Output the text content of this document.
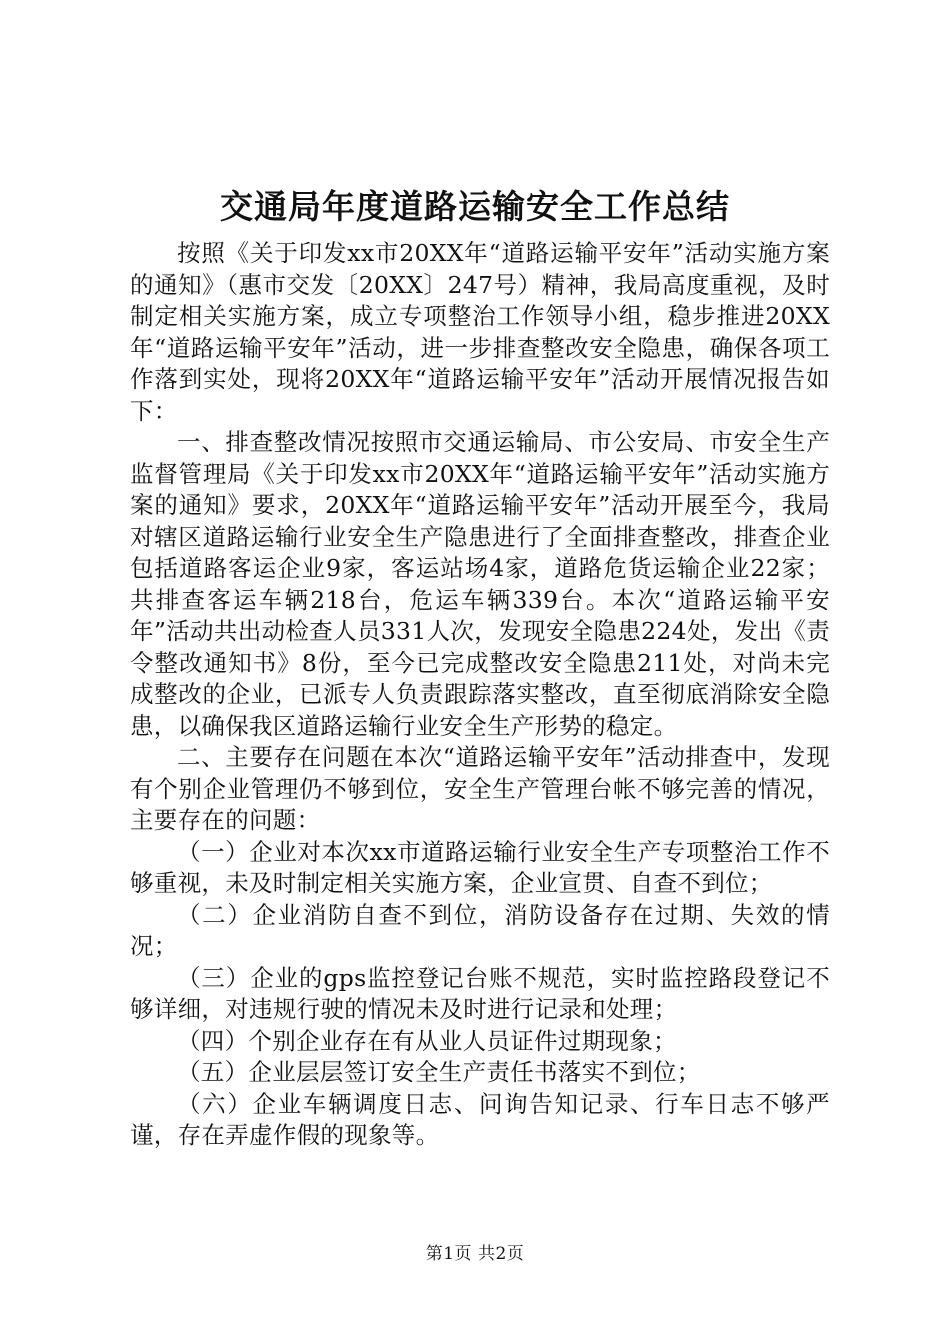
交通局年度道路运输安全工作总结

按照《关于印发xx市20XX年“道路运输平安年”活动实施方案的通知》（惠市交发〔20XX〕247号）精神，我局高度重视，及时制定相关实施方案，成立专项整治工作领导小组，稳步推进20XX年“道路运输平安年”活动，进一步排查整改安全隐患，确保各项工作落到实处，现将20XX年“道路运输平安年”活动开展情况报告如下：

一、排查整改情况按照市交通运输局、市公安局、市安全生产监督管理局《关于印发xx市20XX年“道路运输平安年”活动实施方案的通知》要求，20XX年“道路运输平安年”活动开展至今，我局对辖区道路运输行业安全生产隐患进行了全面排查整改，排查企业包括道路客运企业9家，客运站场4家，道路危货运输企业22家；共排查客运车辆218台，危运车辆339台。本次“道路运输平安年”活动共出动检查人员331人次，发现安全隐患224处，发出《责令整改通知书》8份，至今已完成整改安全隐患211处，对尚未完成整改的企业，已派专人负责跟踪落实整改，直至彻底消除安全隐患，以确保我区道路运输行业安全生产形势的稳定。

二、主要存在问题在本次“道路运输平安年”活动排查中，发现有个别企业管理仍不够到位，安全生产管理台帐不够完善的情况，主要存在的问题：

（一）企业对本次xx市道路运输行业安全生产专项整治工作不够重视，未及时制定相关实施方案，企业宣贯、自查不到位；

（二）企业消防自查不到位，消防设备存在过期、失效的情况；

（三）企业的gps监控登记台账不规范，实时监控路段登记不够详细，对违规行驶的情况未及时进行记录和处理；

（四）个别企业存在有从业人员证件过期现象；

（五）企业层层签订安全生产责任书落实不到位；

（六）企业车辆调度日志、问询告知记录、行车日志不够严谨，存在弄虚作假的现象等。

第1页 共2页
